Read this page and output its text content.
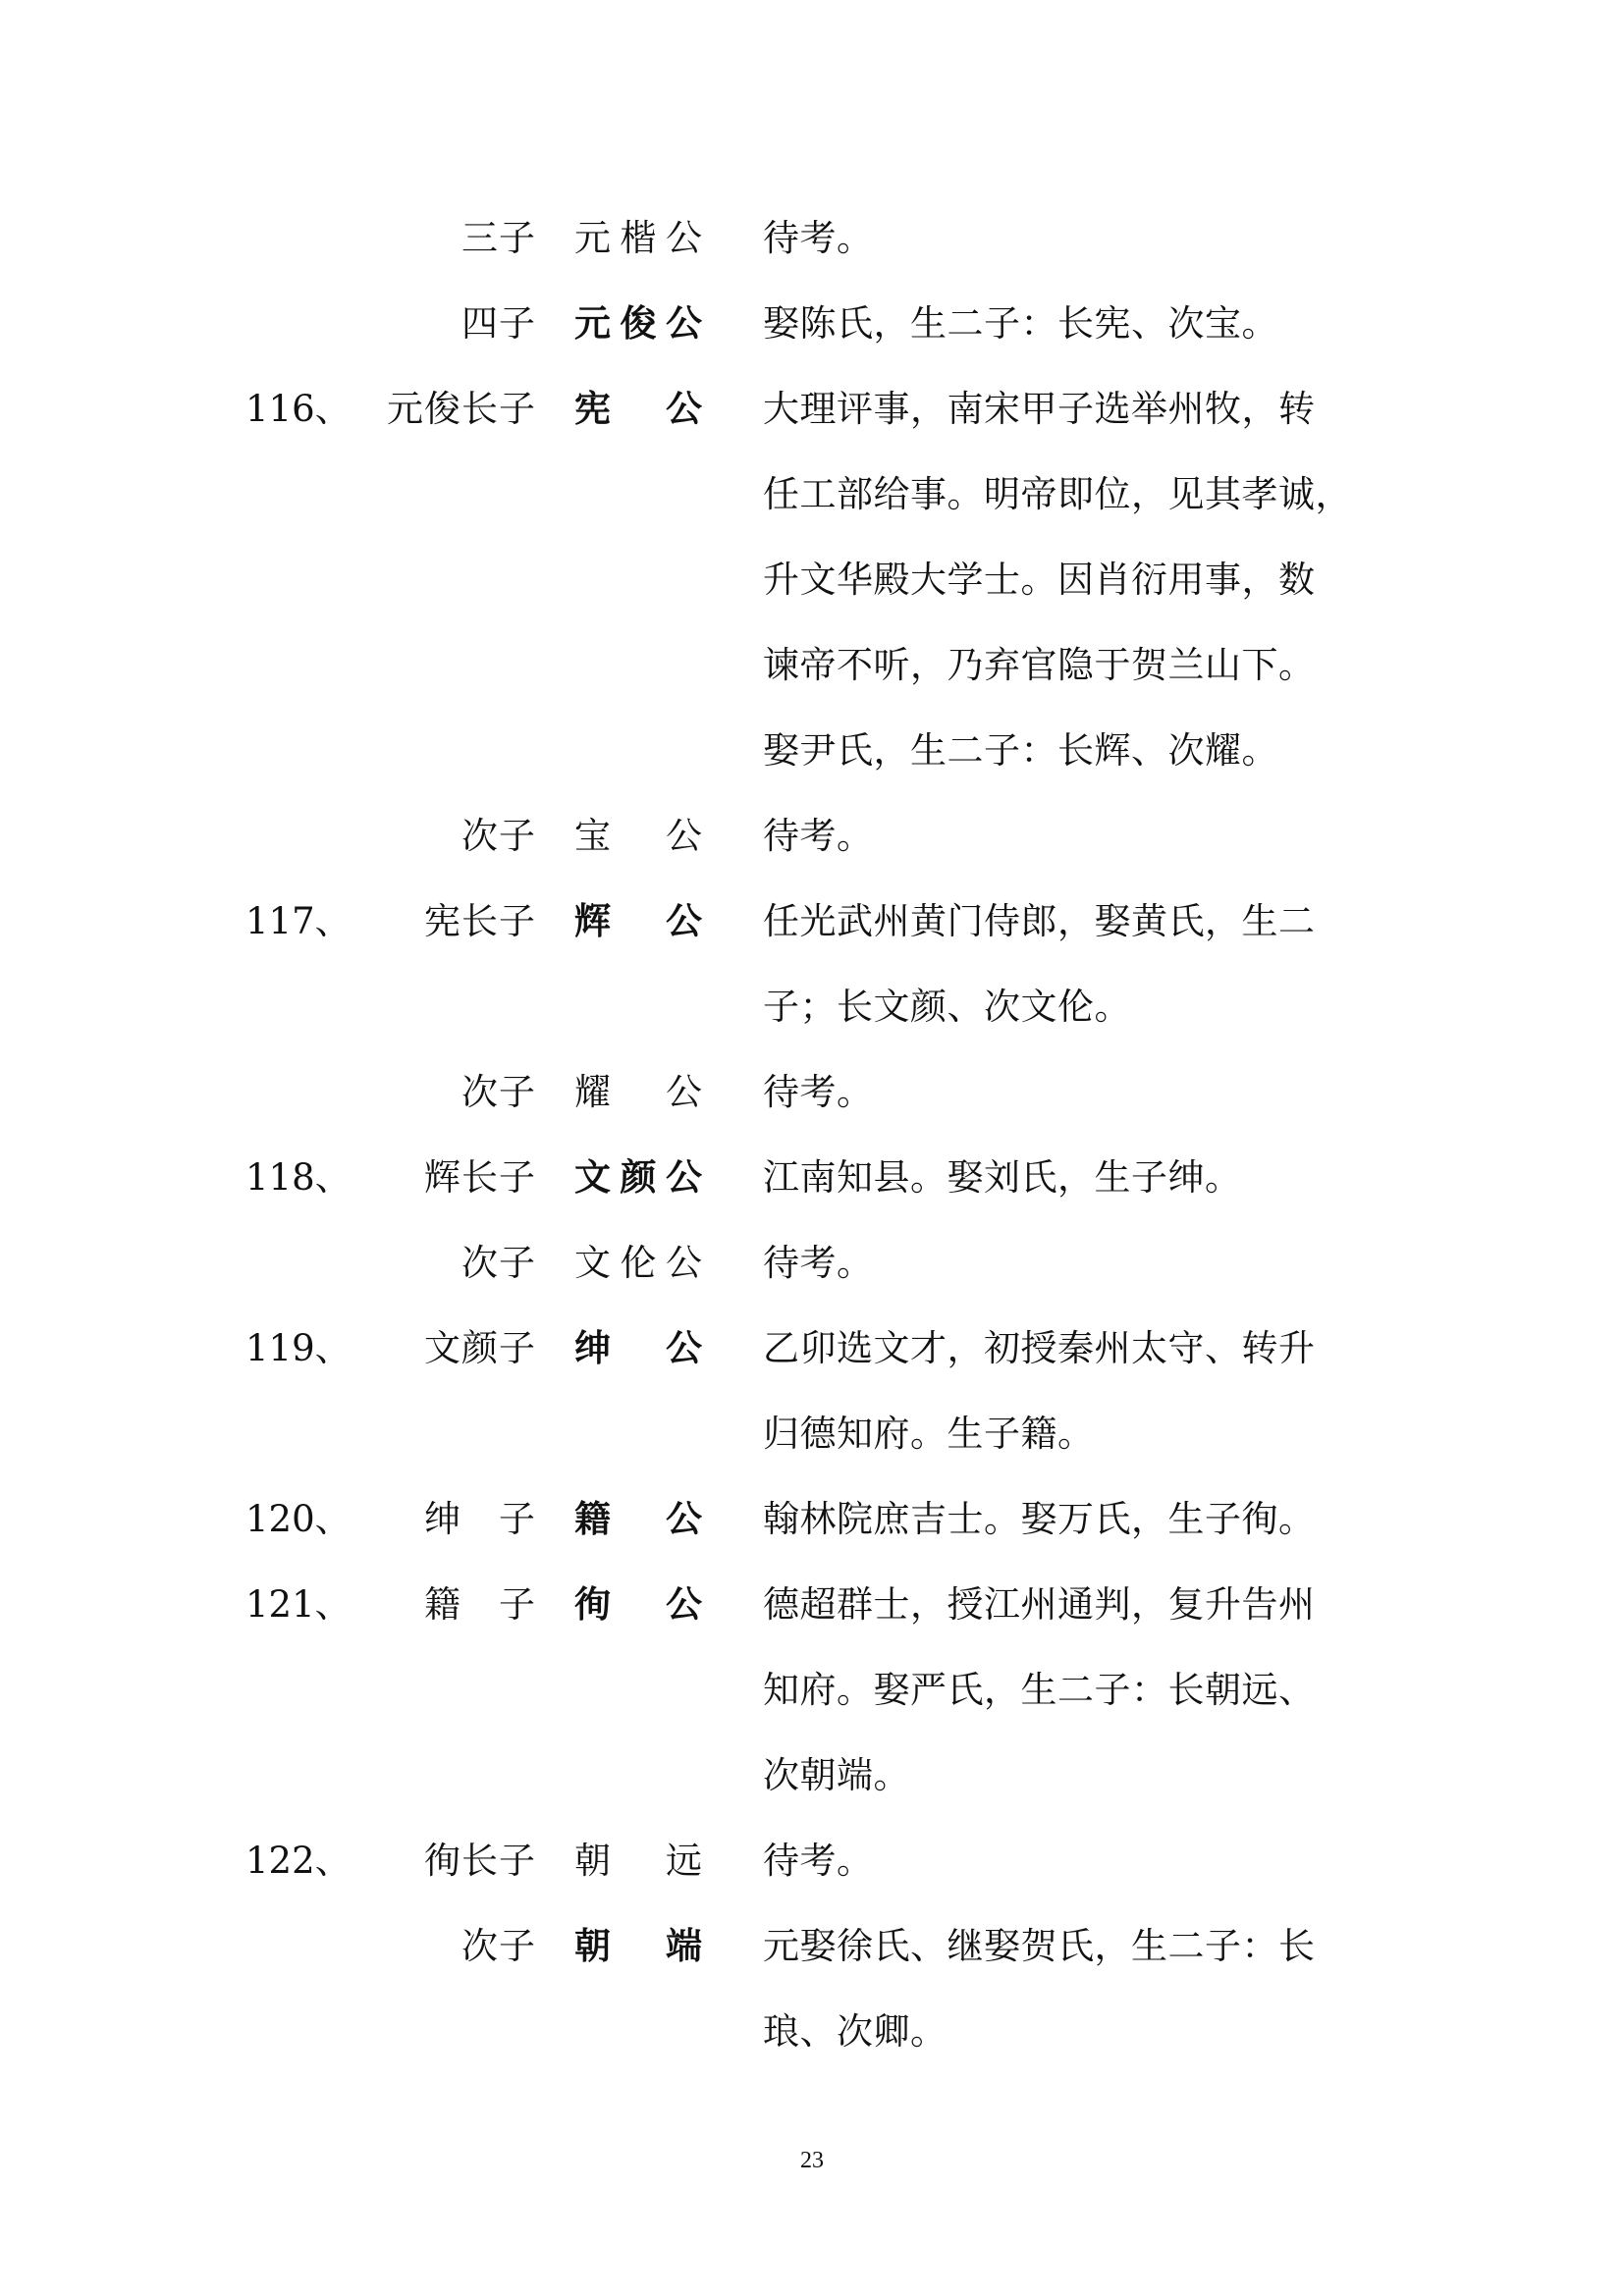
三子 元楷公 待考。
四子 元俊公 娶陈氏，生二子：长宪、次宝。
116、 元俊长子 宪公 大理评事，南宋甲子选举州牧，转
任工部给事。明帝即位，见其孝诚，
升文华殿大学士。因肖衍用事，数
谏帝不听，乃弃官隐于贺兰山下。
娶尹氏，生二子：长辉、次耀。
次子 宝公 待考。
117、 宪长子 辉公 任光武州黄门侍郎，娶黄氏，生二
子；长文颜、次文伦。
次子 耀公 待考。
118、 辉长子 文颜公 江南知县。娶刘氏，生子绅。
次子 文伦公 待考。
119、 文颜子 绅公 乙卯选文才，初授秦州太守、转升
归德知府。生子籍。
120、 绅　子 籍公 翰林院庶吉士。娶万氏，生子徇。
121、 籍　子 徇公 德超群士，授江州通判，复升告州
知府。娶严氏，生二子：长朝远、
次朝端。
122、 徇长子 朝远 待考。
次子 朝端 元娶徐氏、继娶贺氏，生二子：长
琅、次卿。
23
